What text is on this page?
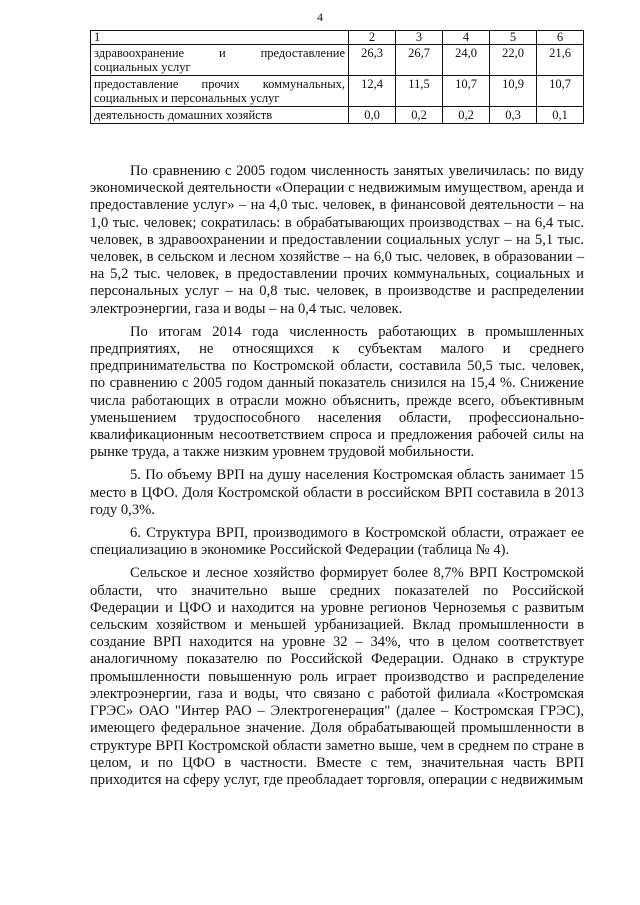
4
1	2	3	4	5	6
здравоохранение и предоставление социальных услуг	26,3	26,7	24,0	22,0	21,6
предоставление прочих коммунальных, социальных и персональных услуг	12,4	11,5	10,7	10,9	10,7
деятельность домашних хозяйств	0,0	0,2	0,2	0,3	0,1

По сравнению с 2005 годом численность занятых увеличилась: по виду экономической деятельности «Операции с недвижимым имуществом, аренда и предоставление услуг» – на 4,0 тыс. человек, в финансовой деятельности – на 1,0 тыс. человек; сократилась: в обрабатывающих производствах – на 6,4 тыс. человек, в здравоохранении и предоставлении социальных услуг – на 5,1 тыс. человек, в сельском и лесном хозяйстве – на 6,0 тыс. человек, в образовании – на 5,2 тыс. человек, в предоставлении прочих коммунальных, социальных и персональных услуг – на 0,8 тыс. человек, в производстве и распределении электроэнергии, газа и воды – на 0,4 тыс. человек.

По итогам 2014 года численность работающих в промышленных предприятиях, не относящихся к субъектам малого и среднего предпринимательства по Костромской области, составила 50,5 тыс. человек, по сравнению с 2005 годом данный показатель снизился на 15,4 %. Снижение числа работающих в отрасли можно объяснить, прежде всего, объективным уменьшением трудоспособного населения области, профессионально-квалификационным несоответствием спроса и предложения рабочей силы на рынке труда, а также низким уровнем трудовой мобильности.

5. По объему ВРП на душу населения Костромская область занимает 15 место в ЦФО. Доля Костромской области в российском ВРП составила в 2013 году 0,3%.

6. Структура ВРП, производимого в Костромской области, отражает ее специализацию в экономике Российской Федерации (таблица № 4).

Сельское и лесное хозяйство формирует более 8,7% ВРП Костромской области, что значительно выше средних показателей по Российской Федерации и ЦФО и находится на уровне регионов Черноземья с развитым сельским хозяйством и меньшей урбанизацией. Вклад промышленности в создание ВРП находится на уровне 32 – 34%, что в целом соответствует аналогичному показателю по Российской Федерации. Однако в структуре промышленности повышенную роль играет производство и распределение электроэнергии, газа и воды, что связано с работой филиала «Костромская ГРЭС» ОАО "Интер РАО – Электрогенерация" (далее – Костромская ГРЭС), имеющего федеральное значение. Доля обрабатывающей промышленности в структуре ВРП Костромской области заметно выше, чем в среднем по стране в целом, и по ЦФО в частности. Вместе с тем, значительная часть ВРП приходится на сферу услуг, где преобладает торговля, операции с недвижимым
